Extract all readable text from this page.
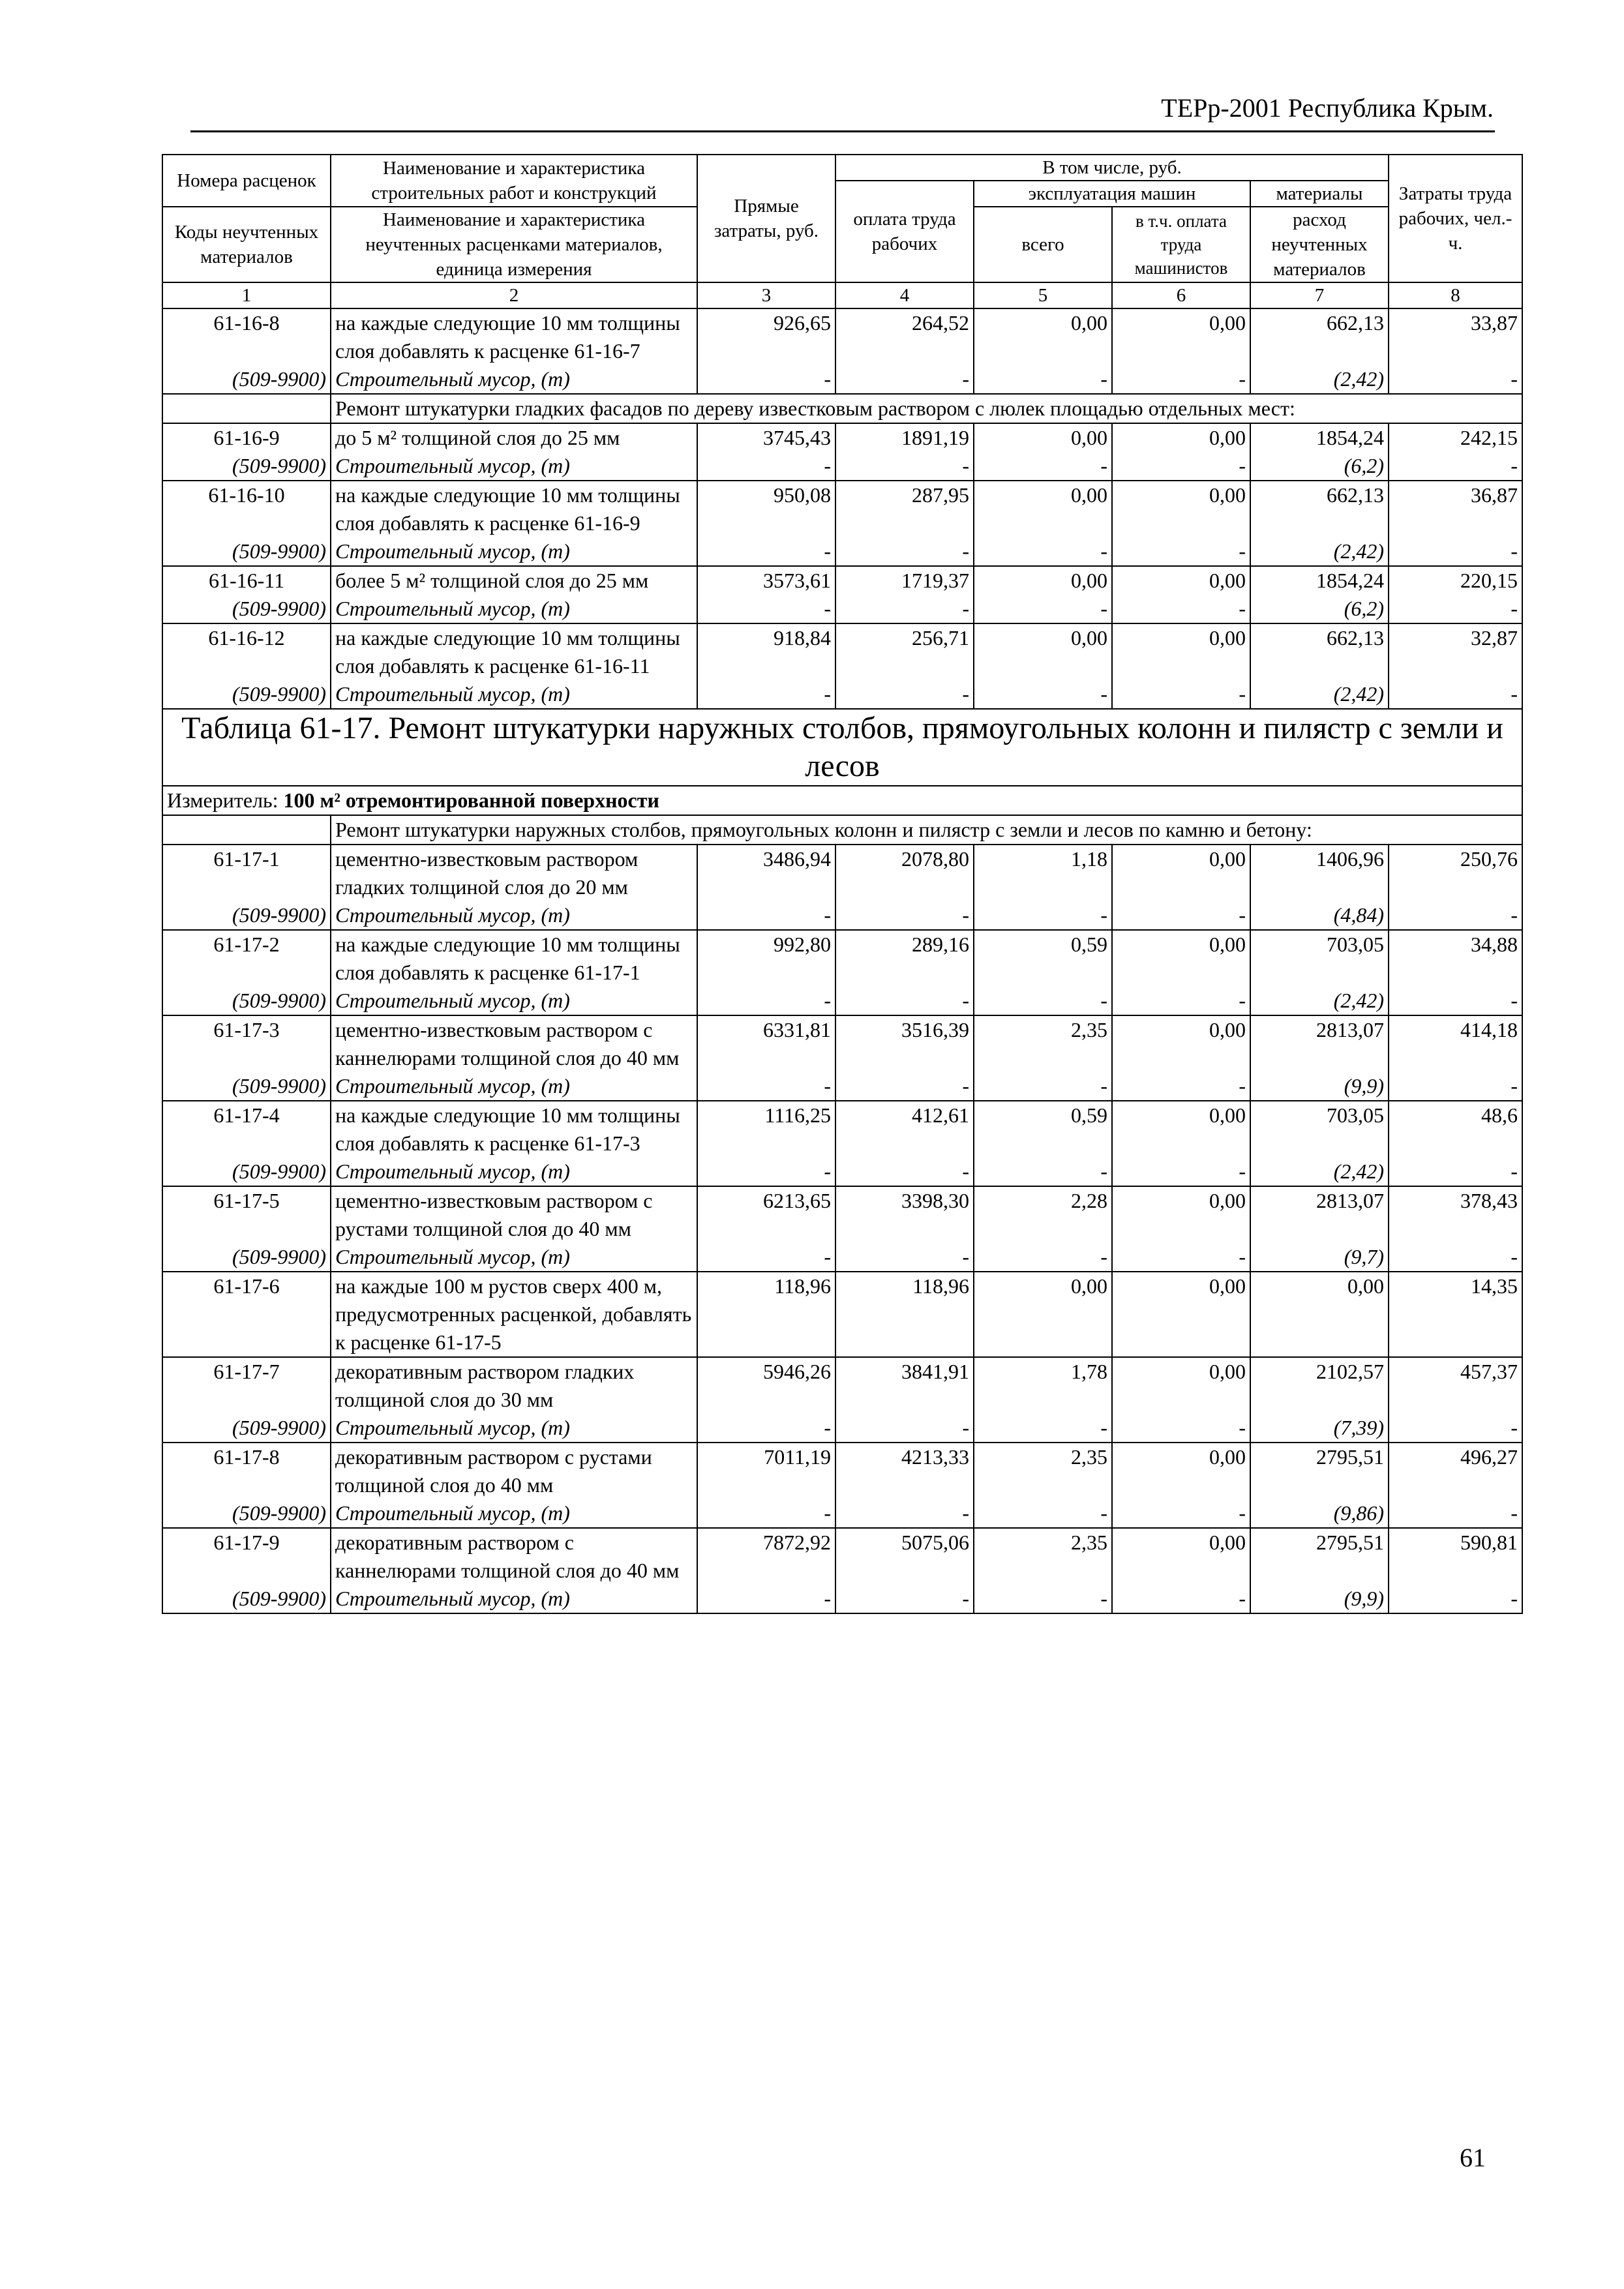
ТЕРр-2001 Республика Крым.
Номера расценок	Наименование и характеристика строительных работ и конструкций	Прямые затраты, руб.	В том числе, руб.				Затраты труда рабочих, чел.-ч.
			оплата труда рабочих	эксплуатация машин		материалы	
Коды неучтенных материалов	Наименование и характеристика неучтенных расценками материалов, единица измерения			всего	в т.ч. оплата труда машинистов	расход неучтенных материалов	

1	2	3	4	5	6	7	8
61-16-8	на каждые следующие 10 мм толщины слоя добавлять к расценке 61-16-7	926,65	264,52	0,00	0,00	662,13	33,87
(509-9900)	Строительный мусор, (т)	-	-	-	-	(2,42)	-
	Ремонт штукатурки гладких фасадов по дереву известковым раствором с люлек площадью отдельных мест:						
61-16-9	до 5 м² толщиной слоя до 25 мм	3745,43	1891,19	0,00	0,00	1854,24	242,15
(509-9900)	Строительный мусор, (т)	-	-	-	-	(6,2)	-
61-16-10	на каждые следующие 10 мм толщины слоя добавлять к расценке 61-16-9	950,08	287,95	0,00	0,00	662,13	36,87
(509-9900)	Строительный мусор, (т)	-	-	-	-	(2,42)	-
61-16-11	более 5 м² толщиной слоя до 25 мм	3573,61	1719,37	0,00	0,00	1854,24	220,15
(509-9900)	Строительный мусор, (т)	-	-	-	-	(6,2)	-
61-16-12	на каждые следующие 10 мм толщины слоя добавлять к расценке 61-16-11	918,84	256,71	0,00	0,00	662,13	32,87
(509-9900)	Строительный мусор, (т)	-	-	-	-	(2,42)	-
Таблица 61-17. Ремонт штукатурки наружных столбов, прямоугольных колонн и пилястр с земли и лесов							
Измеритель: 100 м² отремонтированной поверхности							
	Ремонт штукатурки наружных столбов, прямоугольных колонн и пилястр с земли и лесов по камню и бетону:						
61-17-1	цементно-известковым раствором гладких толщиной слоя до 20 мм	3486,94	2078,80	1,18	0,00	1406,96	250,76
(509-9900)	Строительный мусор, (т)	-	-	-	-	(4,84)	-
61-17-2	на каждые следующие 10 мм толщины слоя добавлять к расценке 61-17-1	992,80	289,16	0,59	0,00	703,05	34,88
(509-9900)	Строительный мусор, (т)	-	-	-	-	(2,42)	-
61-17-3	цементно-известковым раствором с каннелюрами толщиной слоя до 40 мм	6331,81	3516,39	2,35	0,00	2813,07	414,18
(509-9900)	Строительный мусор, (т)	-	-	-	-	(9,9)	-
61-17-4	на каждые следующие 10 мм толщины слоя добавлять к расценке 61-17-3	1116,25	412,61	0,59	0,00	703,05	48,6
(509-9900)	Строительный мусор, (т)	-	-	-	-	(2,42)	-
61-17-5	цементно-известковым раствором с рустами толщиной слоя до 40 мм	6213,65	3398,30	2,28	0,00	2813,07	378,43
(509-9900)	Строительный мусор, (т)	-	-	-	-	(9,7)	-
61-17-6	на каждые 100 м рустов сверх 400 м, предусмотренных расценкой, добавлять к расценке 61-17-5	118,96	118,96	0,00	0,00	0,00	14,35
61-17-7	декоративным раствором гладких толщиной слоя до 30 мм	5946,26	3841,91	1,78	0,00	2102,57	457,37
(509-9900)	Строительный мусор, (т)	-	-	-	-	(7,39)	-
61-17-8	декоративным раствором с рустами толщиной слоя до 40 мм	7011,19	4213,33	2,35	0,00	2795,51	496,27
(509-9900)	Строительный мусор, (т)	-	-	-	-	(9,86)	-
61-17-9	декоративным раствором с каннелюрами толщиной слоя до 40 мм	7872,92	5075,06	2,35	0,00	2795,51	590,81
(509-9900)	Строительный мусор, (т)	-	-	-	-	(9,9)	-
61
